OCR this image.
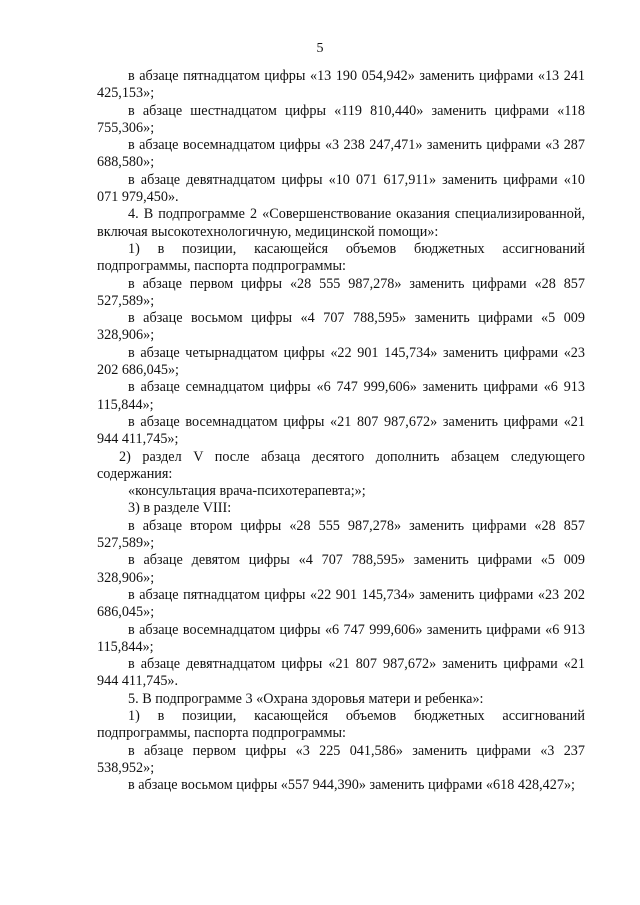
5

в абзаце пятнадцатом цифры «13 190 054,942» заменить цифрами «13 241 425,153»;

в абзаце шестнадцатом цифры «119 810,440» заменить цифрами «118 755,306»;

в абзаце восемнадцатом цифры «3 238 247,471» заменить цифрами «3 287 688,580»;

в абзаце девятнадцатом цифры «10 071 617,911» заменить цифрами «10 071 979,450».

4. В подпрограмме 2 «Совершенствование оказания специализированной, включая высокотехнологичную, медицинской помощи»:

1) в позиции, касающейся объемов бюджетных ассигнований подпрограммы, паспорта подпрограммы:

в абзаце первом цифры «28 555 987,278» заменить цифрами «28 857 527,589»;

в абзаце восьмом цифры «4 707 788,595» заменить цифрами «5 009 328,906»;

в абзаце четырнадцатом цифры «22 901 145,734» заменить цифрами «23 202 686,045»;

в абзаце семнадцатом цифры «6 747 999,606» заменить цифрами «6 913 115,844»;

в абзаце восемнадцатом цифры «21 807 987,672» заменить цифрами «21 944 411,745»;

2) раздел V после абзаца десятого дополнить абзацем следующего содержания:

«консультация врача-психотерапевта;»;

3) в разделе VIII:

в абзаце втором цифры «28 555 987,278» заменить цифрами «28 857 527,589»;

в абзаце девятом цифры «4 707 788,595» заменить цифрами «5 009 328,906»;

в абзаце пятнадцатом цифры «22 901 145,734» заменить цифрами «23 202 686,045»;

в абзаце восемнадцатом цифры «6 747 999,606» заменить цифрами «6 913 115,844»;

в абзаце девятнадцатом цифры «21 807 987,672» заменить цифрами «21 944 411,745».

5. В подпрограмме 3 «Охрана здоровья матери и ребенка»:

1) в позиции, касающейся объемов бюджетных ассигнований подпрограммы, паспорта подпрограммы:

в абзаце первом цифры «3 225 041,586» заменить цифрами «3 237 538,952»;

в абзаце восьмом цифры «557 944,390» заменить цифрами «618 428,427»;
